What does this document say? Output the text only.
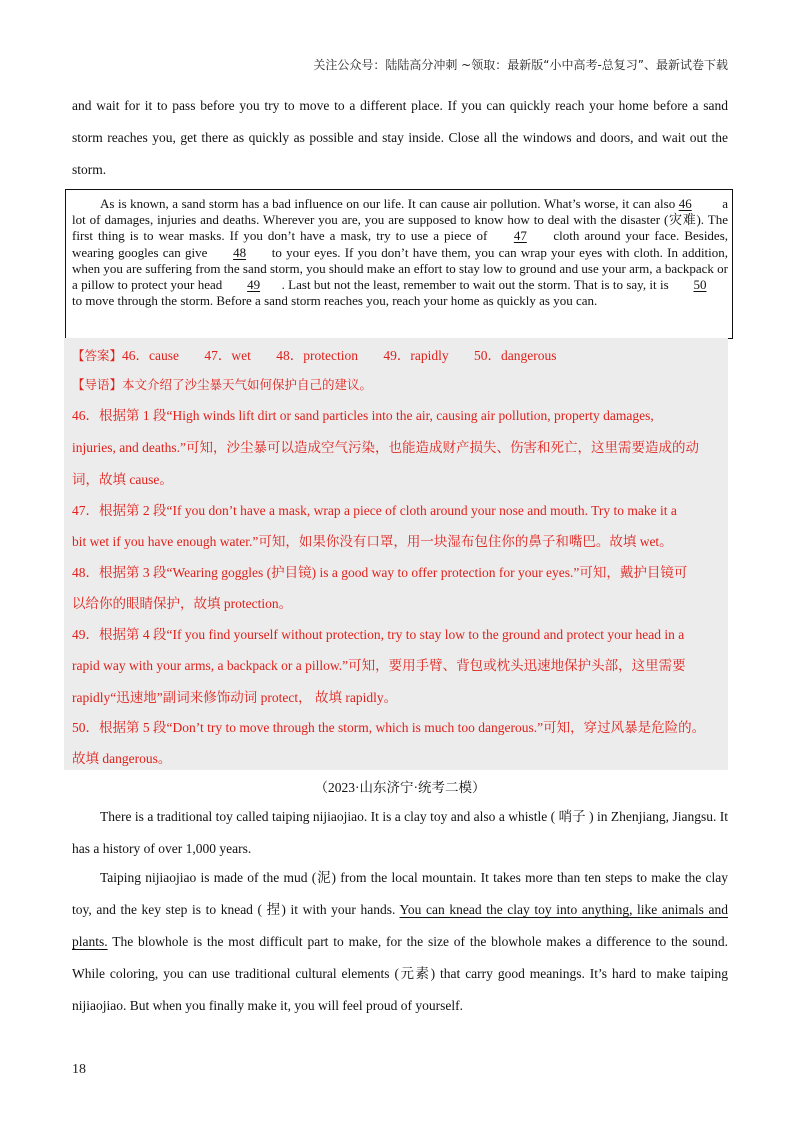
关注公众号：陆陆高分冲刺 ~领取：最新版“小中高考-总复习”、最新试卷下载
and wait for it to pass before you try to move to a different place. If you can quickly reach your home before a sand storm reaches you, get there as quickly as possible and stay inside. Close all the windows and doors, and wait out the storm.
As is known, a sand storm has a bad influence on our life. It can cause air pollution. What’s worse, it can also 46 a lot of damages, injuries and deaths. Wherever you are, you are supposed to know how to deal with the disaster (灾难). The first thing is to wear masks. If you don’t have a mask, try to use a piece of 47 cloth around your face. Besides, wearing googles can give 48 to your eyes. If you don’t have them, you can wrap your eyes with cloth. In addition, when you are suffering from the sand storm, you should make an effort to stay low to ground and use your arm, a backpack or a pillow to protect your head 49 . Last but not the least, remember to wait out the storm. That is to say, it is 50 to move through the storm. Before a sand storm reaches you, reach your home as quickly as you can.
【答案】46．cause 47．wet 48．protection 49．rapidly 50．dangerous
【导语】本文介绍了沙尘暴天气如何保护自己的建议。
46．根据第 1 段“High winds lift dirt or sand particles into the air, causing air pollution, property damages,
injuries, and deaths.”可知，沙尘暴可以造成空气污染，也能造成财产损失、伤害和死亡，这里需要造成的动
词，故填 cause。
47．根据第 2 段“If you don’t have a mask, wrap a piece of cloth around your nose and mouth. Try to make it a
bit wet if you have enough water.”可知，如果你没有口罩，用一块湿布包住你的鼻子和嘴巴。故填 wet。
48．根据第 3 段“Wearing goggles (护目镜) is a good way to offer protection for your eyes.”可知，戴护目镜可
以给你的眼睛保护，故填 protection。
49．根据第 4 段“If you find yourself without protection, try to stay low to the ground and protect your head in a
rapid way with your arms, a backpack or a pillow.”可知，要用手臂、背包或枕头迅速地保护头部，这里需要
rapidly“迅速地”副词来修饰动词 protect， 故填 rapidly。
50．根据第 5 段“Don’t try to move through the storm, which is much too dangerous.”可知，穿过风暴是危险的。
故填 dangerous。
（2023·山东济宁·统考二模）
There is a traditional toy called taiping nijiaojiao. It is a clay toy and also a whistle ( 哨子 ) in Zhenjiang, Jiangsu. It has a history of over 1,000 years.
Taiping nijiaojiao is made of the mud (泥) from the local mountain. It takes more than ten steps to make the clay toy, and the key step is to knead ( 捏) it with your hands. You can knead the clay toy into anything, like animals and plants. The blowhole is the most difficult part to make, for the size of the blowhole makes a difference to the sound. While coloring, you can use traditional cultural elements (元素) that carry good meanings. It’s hard to make taiping nijiaojiao. But when you finally make it, you will feel proud of yourself.
18
